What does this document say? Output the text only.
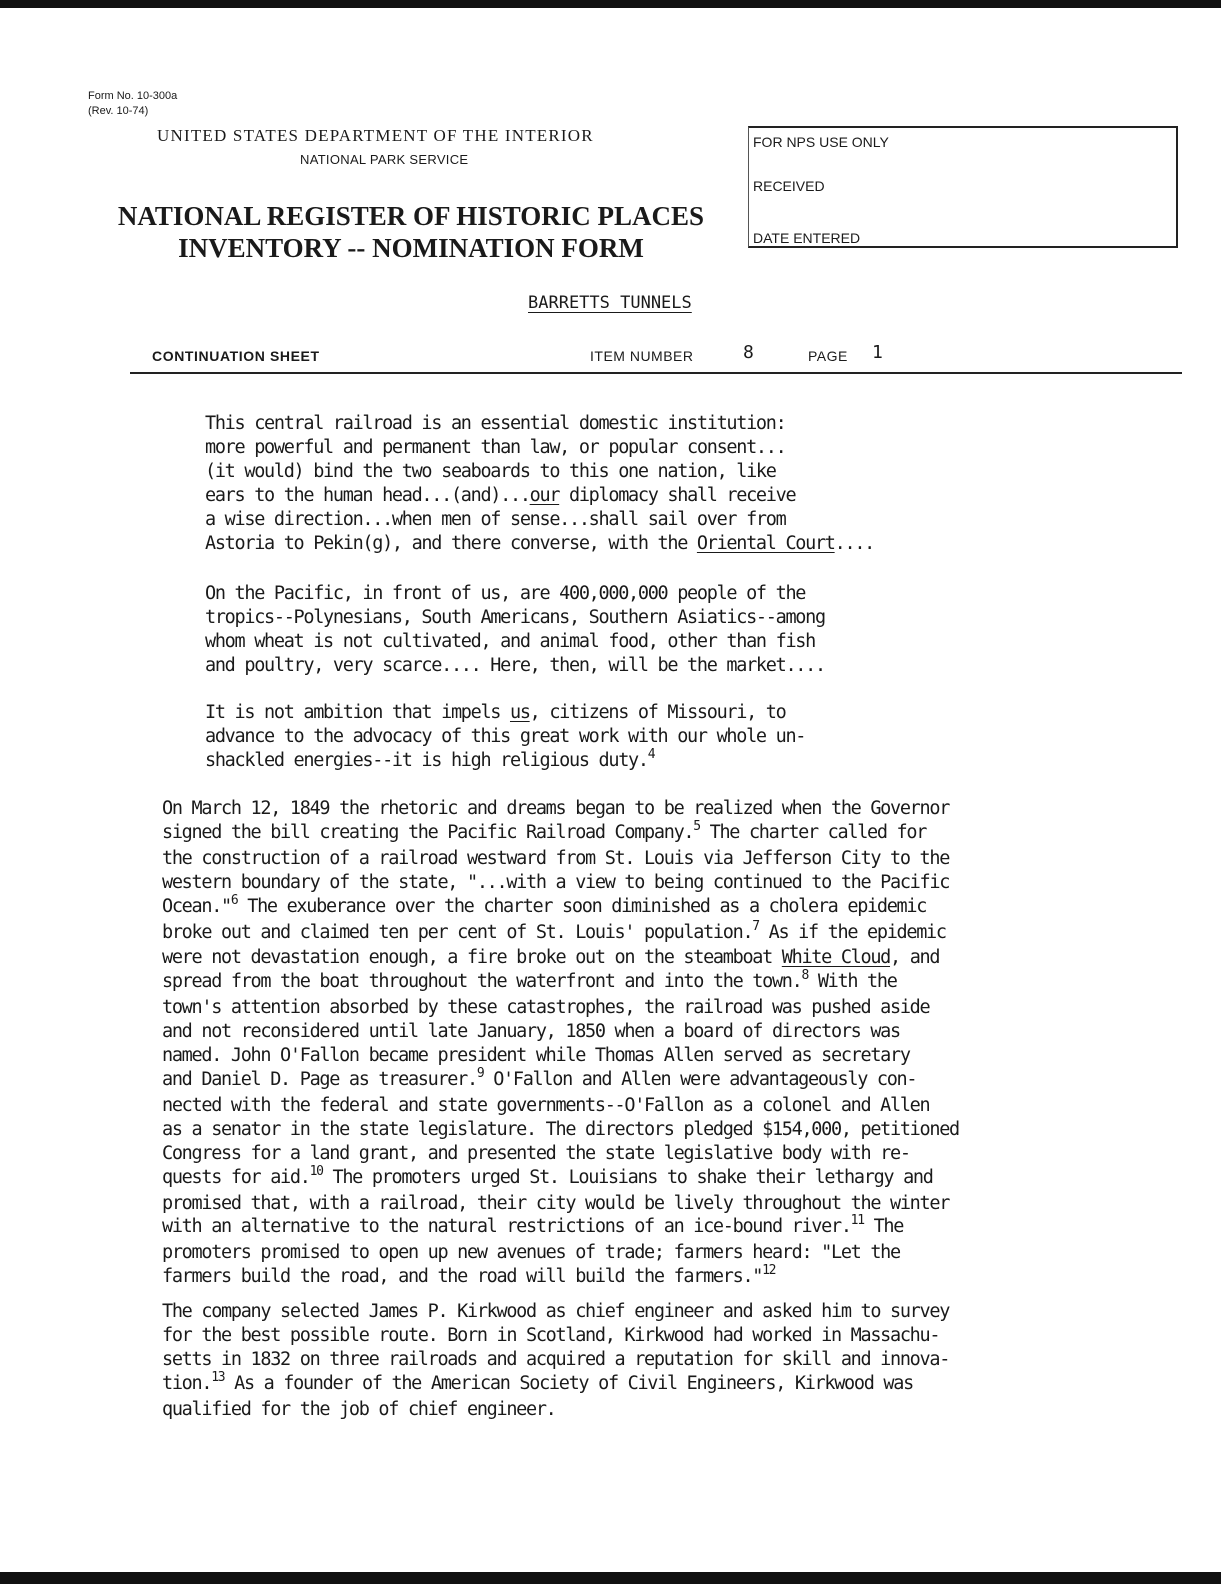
Form No. 10-300a
(Rev. 10-74)
UNITED STATES DEPARTMENT OF THE INTERIOR
NATIONAL PARK SERVICE
NATIONAL REGISTER OF HISTORIC PLACES
INVENTORY -- NOMINATION FORM
FOR NPS USE ONLY
RECEIVED
DATE ENTERED
BARRETTS TUNNELS
CONTINUATION SHEET	ITEM NUMBER	8	PAGE 1
This central railroad is an essential domestic institution:
more powerful and permanent than law, or popular consent...
(it would) bind the two seaboards to this one nation, like
ears to the human head...(and)...our diplomacy shall receive
a wise direction...when men of sense...shall sail over from
Astoria to Pekin(g), and there converse, with the Oriental Court....
On the Pacific, in front of us, are 400,000,000 people of the
tropics--Polynesians, South Americans, Southern Asiatics--among
whom wheat is not cultivated, and animal food, other than fish
and poultry, very scarce.... Here, then, will be the market....
It is not ambition that impels us, citizens of Missouri, to
advance to the advocacy of this great work with our whole un-
shackled energies--it is high religious duty.$^4$
On March 12, 1849 the rhetoric and dreams began to be realized when the Governor
signed the bill creating the Pacific Railroad Company.$^5$ The charter called for
the construction of a railroad westward from St. Louis via Jefferson City to the
western boundary of the state, "...with a view to being continued to the Pacific
Ocean."$^6$ The exuberance over the charter soon diminished as a cholera epidemic
broke out and claimed ten per cent of St. Louis' population.$^7$ As if the epidemic
were not devastation enough, a fire broke out on the steamboat White Cloud, and
spread from the boat throughout the waterfront and into the town.$^8$ With the
town's attention absorbed by these catastrophes, the railroad was pushed aside
and not reconsidered until late January, 1850 when a board of directors was
named. John O'Fallon became president while Thomas Allen served as secretary
and Daniel D. Page as treasurer.$^9$ O'Fallon and Allen were advantageously con-
nected with the federal and state governments--O'Fallon as a colonel and Allen
as a senator in the state legislature. The directors pledged $154,000, petitioned
Congress for a land grant, and presented the state legislative body with re-
quests for aid.$^{10}$ The promoters urged St. Louisians to shake their lethargy and
promised that, with a railroad, their city would be lively throughout the winter
with an alternative to the natural restrictions of an ice-bound river.$^{11}$ The
promoters promised to open up new avenues of trade; farmers heard: "Let the
farmers build the road, and the road will build the farmers."$^{12}$
The company selected James P. Kirkwood as chief engineer and asked him to survey
for the best possible route. Born in Scotland, Kirkwood had worked in Massachu-
setts in 1832 on three railroads and acquired a reputation for skill and innova-
tion.$^{13}$ As a founder of the American Society of Civil Engineers, Kirkwood was
qualified for the job of chief engineer.
